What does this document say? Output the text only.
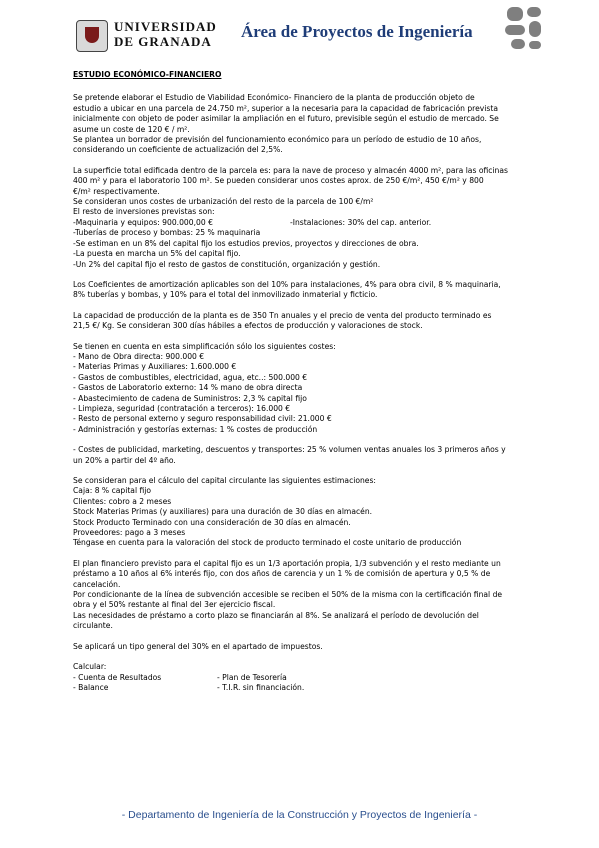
UNIVERSIDAD
DE GRANADA
Área de Proyectos de Ingeniería
ESTUDIO ECONÓMICO-FINANCIERO
Se pretende elaborar el Estudio de Viabilidad Económico- Financiero de la planta de producción objeto de
estudio a ubicar en una parcela de 24.750 m², superior a la necesaria para la capacidad de fabricación prevista
inicialmente con objeto de poder asimilar la ampliación en el futuro, previsible según el estudio de mercado. Se
asume un coste de 120 € / m².
Se plantea un borrador de previsión del funcionamiento económico para un período de estudio de 10 años,
considerando un coeficiente de actualización del 2,5%.
La superficie total edificada dentro de la parcela es: para la nave de proceso y almacén 4000 m², para las oficinas
400 m² y para el laboratorio 100 m². Se pueden considerar unos costes aprox. de 250 €/m², 450 €/m² y 800
€/m² respectivamente.
Se consideran unos costes de urbanización del resto de la parcela de 100 €/m²
El resto de inversiones previstas son:
-Maquinaria y equipos: 900.000,00 €	-Instalaciones: 30% del cap. anterior.
-Tuberías de proceso y bombas: 25 % maquinaria
-Se estiman en un 8% del capital fijo los estudios previos, proyectos y direcciones de obra.
-La puesta en marcha un 5% del capital fijo.
-Un 2% del capital fijo el resto de gastos de constitución, organización y gestión.
Los Coeficientes de amortización aplicables son del 10% para instalaciones, 4% para obra civil, 8 % maquinaria,
8% tuberías y bombas, y 10% para el total del inmovilizado inmaterial y ficticio.
La capacidad de producción de la planta es de 350 Tn anuales y el precio de venta del producto terminado es
21,5 €/ Kg. Se consideran 300 días hábiles a efectos de producción y valoraciones de stock.
Se tienen en cuenta en esta simplificación sólo los siguientes costes:
- Mano de Obra directa: 900.000 €
- Materias Primas y Auxiliares: 1.600.000 €
- Gastos de combustibles, electricidad, agua, etc..: 500.000 €
- Gastos de Laboratorio externo: 14 % mano de obra directa
- Abastecimiento de cadena de Suministros: 2,3 % capital fijo
- Limpieza, seguridad (contratación a terceros): 16.000 €
- Resto de personal externo y seguro responsabilidad civil: 21.000 €
- Administración y gestorías externas: 1 % costes de producción
- Costes de publicidad, marketing, descuentos y transportes: 25 % volumen ventas anuales los 3 primeros años y
un 20% a partir del 4º año.
Se consideran para el cálculo del capital circulante las siguientes estimaciones:
Caja: 8 % capital fijo
Clientes: cobro a 2 meses
Stock Materias Primas (y auxiliares) para una duración de 30 días en almacén.
Stock Producto Terminado con una consideración de 30 días en almacén.
Proveedores: pago a 3 meses
Téngase en cuenta para la valoración del stock de producto terminado el coste unitario de producción
El plan financiero previsto para el capital fijo es un 1/3 aportación propia, 1/3 subvención y el resto mediante un
préstamo a 10 años al 6% interés fijo, con dos años de carencia y un 1 % de comisión de apertura y 0,5 % de
cancelación.
Por condicionante de la línea de subvención accesible se reciben el 50% de la misma con la certificación final de
obra y el 50% restante al final del 3er ejercicio fiscal.
Las necesidades de préstamo a corto plazo se financiarán al 8%. Se analizará el período de devolución del
circulante.
Se aplicará un tipo general del 30% en el apartado de impuestos.
Calcular:
- Cuenta de Resultados	- Plan de Tesorería
- Balance	- T.I.R. sin financiación.
- Departamento de Ingeniería de la Construcción y Proyectos de Ingeniería -
